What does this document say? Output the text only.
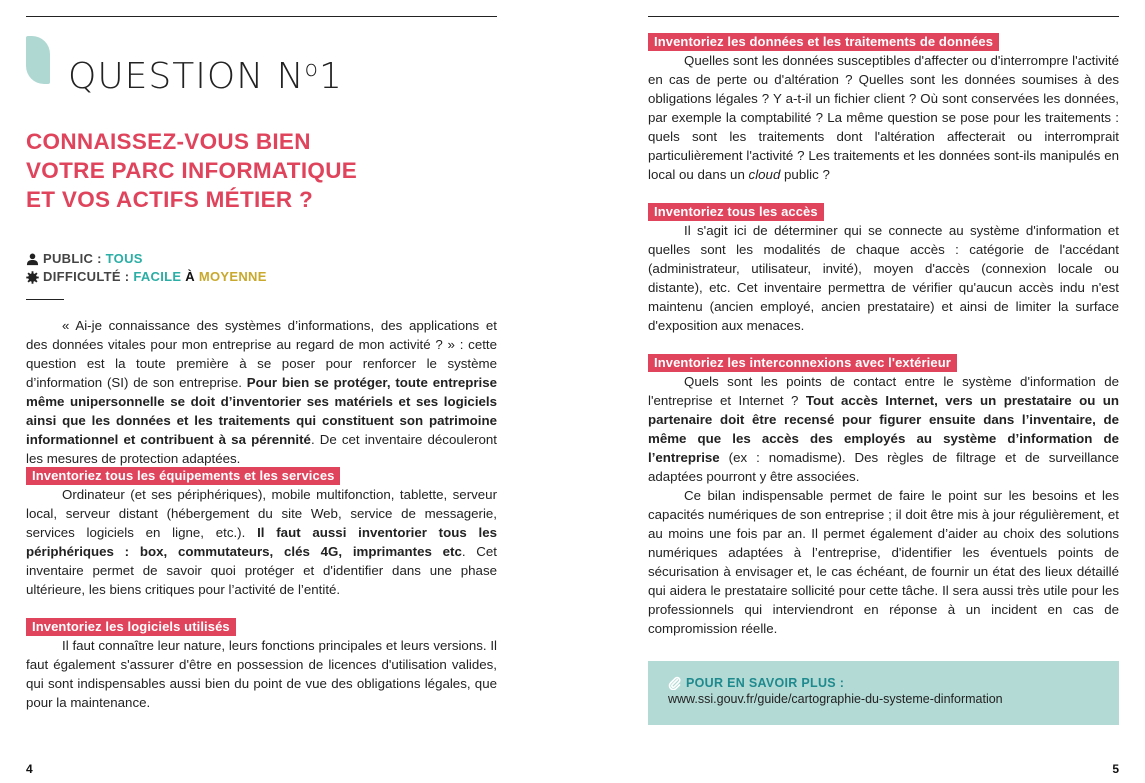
QUESTION $N^o1$
CONNAISSEZ-VOUS BIEN
VOTRE PARC INFORMATIQUE
ET VOS ACTIFS MÉTIER ?
PUBLIC : TOUS
DIFFICULTÉ : FACILE À MOYENNE

« Ai-je connaissance des systèmes d’informations, des applications et des données vitales pour mon entreprise au regard de mon activité ? » : cette question est la toute première à se poser pour renforcer le système d’information (SI) de son entreprise. Pour bien se protéger, toute entreprise même unipersonnelle se doit d’inventorier ses matériels et ses logiciels ainsi que les données et les traitements qui constituent son patrimoine informationnel et contribuent à sa pérennité. De cet inventaire découleront les mesures de protection adaptées.

Inventoriez tous les équipements et les services

Ordinateur (et ses périphériques), mobile multifonction, tablette, serveur local, serveur distant (hébergement du site Web, service de messagerie, services logiciels en ligne, etc.). Il faut aussi inventorier tous les périphériques : box, commutateurs, clés 4G, imprimantes etc. Cet inventaire permet de savoir quoi protéger et d'identifier dans une phase ultérieure, les biens critiques pour l’activité de l’entité.

Inventoriez les logiciels utilisés

Il faut connaître leur nature, leurs fonctions principales et leurs versions. Il faut également s'assurer d'être en possession de licences d'utilisation valides, qui sont indispensables aussi bien du point de vue des obligations légales, que pour la maintenance.

4
Inventoriez les données et les traitements de données

Quelles sont les données susceptibles d'affecter ou d'interrompre l'activité en cas de perte ou d'altération ? Quelles sont les données soumises à des obligations légales ? Y a-t-il un fichier client ? Où sont conservées les données, par exemple la comptabilité ? La même question se pose pour les traitements : quels sont les traitements dont l'altération affecterait ou interromprait particulièrement l'activité ? Les traitements et les données sont-ils manipulés en local ou dans un cloud public ?

Inventoriez tous les accès

Il s'agit ici de déterminer qui se connecte au système d'information et quelles sont les modalités de chaque accès : catégorie de l'accédant (administrateur, utilisateur, invité), moyen d'accès (connexion locale ou distante), etc. Cet inventaire permettra de vérifier qu'aucun accès indu n'est maintenu (ancien employé, ancien prestataire) et ainsi de limiter la surface d'exposition aux menaces.

Inventoriez les interconnexions avec l'extérieur

Quels sont les points de contact entre le système d'information de l'entreprise et Internet ? Tout accès Internet, vers un prestataire ou un partenaire doit être recensé pour figurer ensuite dans l’inventaire, de même que les accès des employés au système d’information de l’entreprise (ex : nomadisme). Des règles de filtrage et de surveillance adaptées pourront y être associées.

Ce bilan indispensable permet de faire le point sur les besoins et les capacités numériques de son entreprise ; il doit être mis à jour régulièrement, et au moins une fois par an. Il permet également d’aider au choix des solutions numériques adaptées à l’entreprise, d'identifier les éventuels points de sécurisation à envisager et, le cas échéant, de fournir un état des lieux détaillé qui aidera le prestataire sollicité pour cette tâche. Il sera aussi très utile pour les professionnels qui interviendront en réponse à un incident en cas de compromission réelle.

POUR EN SAVOIR PLUS :
www.ssi.gouv.fr/guide/cartographie-du-systeme-dinformation
5
